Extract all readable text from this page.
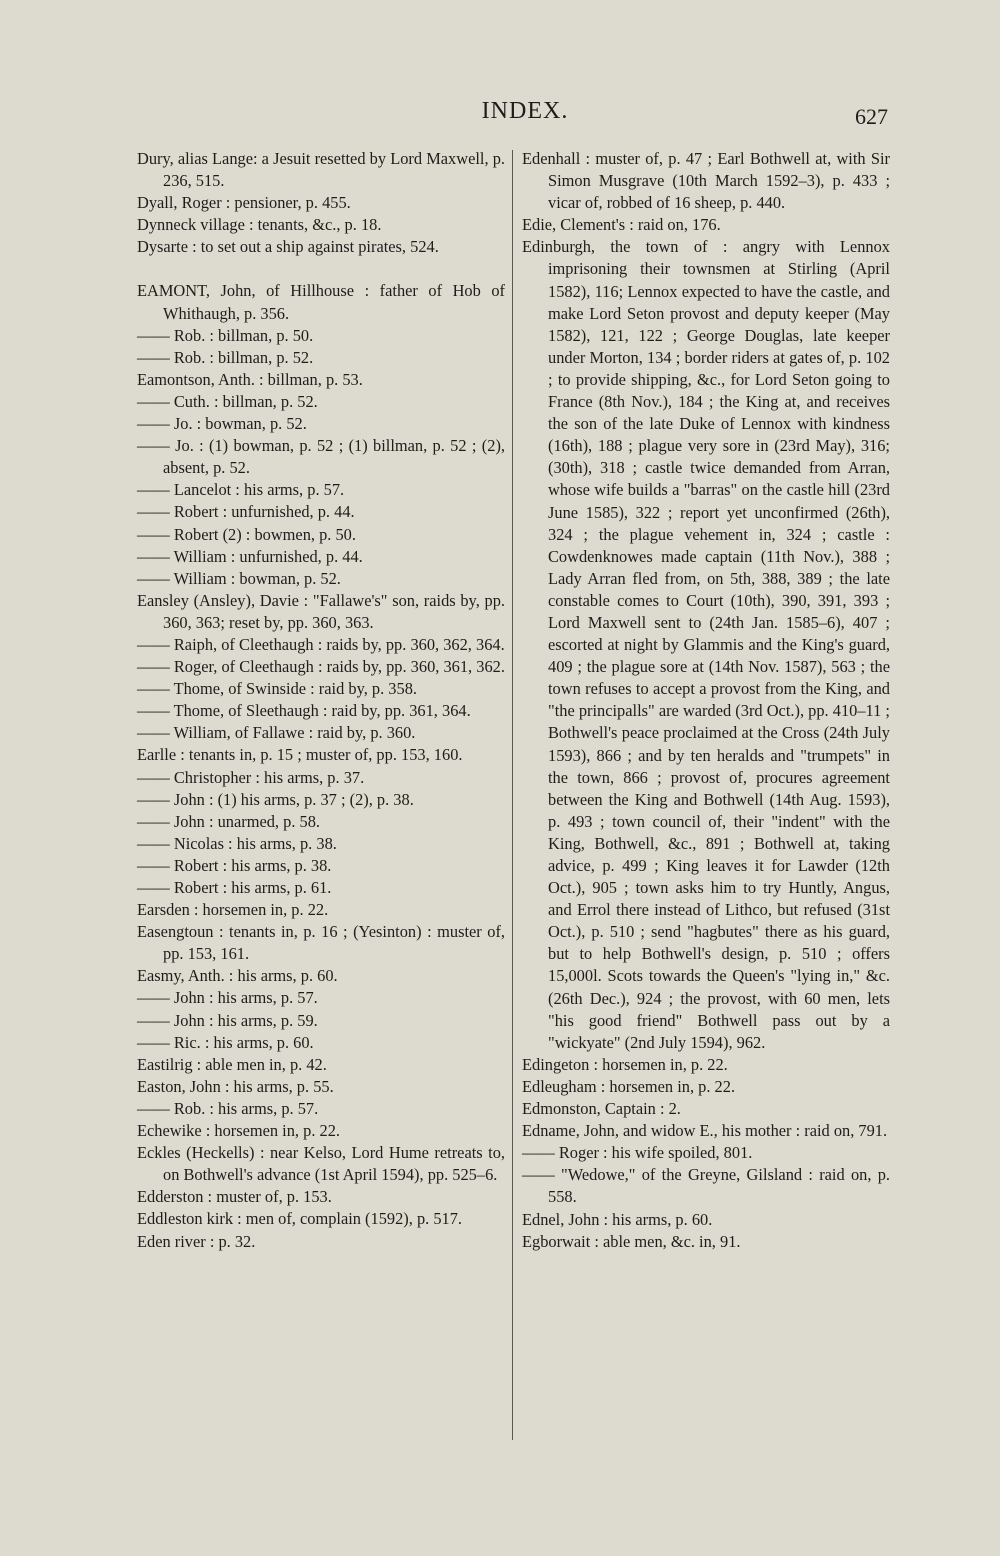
INDEX.	627
Dury, alias Lange: a Jesuit resetted by Lord Maxwell, p. 236, 515.
Dyall, Roger : pensioner, p. 455.
Dynneck village : tenants, &c., p. 18.
Dysarte : to set out a ship against pirates, 524.
EAMONT, John, of Hillhouse : father of Hob of Whithaugh, p. 356.
—— Rob. : billman, p. 50.
—— Rob. : billman, p. 52.
Eamontson, Anth. : billman, p. 53.
—— Cuth. : billman, p. 52.
—— Jo. : bowman, p. 52.
—— Jo. : (1) bowman, p. 52 ; (1) billman, p. 52 ; (2), absent, p. 52.
—— Lancelot : his arms, p. 57.
—— Robert : unfurnished, p. 44.
—— Robert (2) : bowmen, p. 50.
—— William : unfurnished, p. 44.
—— William : bowman, p. 52.
Eansley (Ansley), Davie : "Fallawe's" son, raids by, pp. 360, 363; reset by, pp. 360, 363.
—— Raiph, of Cleethaugh : raids by, pp. 360, 362, 364.
—— Roger, of Cleethaugh : raids by, pp. 360, 361, 362.
—— Thome, of Swinside : raid by, p. 358.
—— Thome, of Sleethaugh : raid by, pp. 361, 364.
—— William, of Fallawe : raid by, p. 360.
Earlle : tenants in, p. 15 ; muster of, pp. 153, 160.
—— Christopher : his arms, p. 37.
—— John : (1) his arms, p. 37 ; (2), p. 38.
—— John : unarmed, p. 58.
—— Nicolas : his arms, p. 38.
—— Robert : his arms, p. 38.
—— Robert : his arms, p. 61.
Earsden : horsemen in, p. 22.
Easengtoun : tenants in, p. 16 ; (Yesinton) : muster of, pp. 153, 161.
Easmy, Anth. : his arms, p. 60.
—— John : his arms, p. 57.
—— John : his arms, p. 59.
—— Ric. : his arms, p. 60.
Eastilrig : able men in, p. 42.
Easton, John : his arms, p. 55.
—— Rob. : his arms, p. 57.
Echewike : horsemen in, p. 22.
Eckles (Heckells) : near Kelso, Lord Hume retreats to, on Bothwell's advance (1st April 1594), pp. 525–6.
Edderston : muster of, p. 153.
Eddleston kirk : men of, complain (1592), p. 517.
Eden river : p. 32.
Edenhall : muster of, p. 47 ; Earl Bothwell at, with Sir Simon Musgrave (10th March 1592–3), p. 433 ; vicar of, robbed of 16 sheep, p. 440.
Edie, Clement's : raid on, 176.
Edinburgh, the town of : angry with Lennox imprisoning their townsmen at Stirling (April 1582), 116; Lennox expected to have the castle, and make Lord Seton provost and deputy keeper (May 1582), 121, 122 ; George Douglas, late keeper under Morton, 134 ; border riders at gates of, p. 102 ; to provide shipping, &c., for Lord Seton going to France (8th Nov.), 184 ; the King at, and receives the son of the late Duke of Lennox with kindness (16th), 188 ; plague very sore in (23rd May), 316; (30th), 318 ; castle twice demanded from Arran, whose wife builds a "barras" on the castle hill (23rd June 1585), 322 ; report yet unconfirmed (26th), 324 ; the plague vehement in, 324 ; castle : Cowdenknowes made captain (11th Nov.), 388 ; Lady Arran fled from, on 5th, 388, 389 ; the late constable comes to Court (10th), 390, 391, 393 ; Lord Maxwell sent to (24th Jan. 1585–6), 407 ; escorted at night by Glammis and the King's guard, 409 ; the plague sore at (14th Nov. 1587), 563 ; the town refuses to accept a provost from the King, and "the principalls" are warded (3rd Oct.), pp. 410–11 ; Bothwell's peace proclaimed at the Cross (24th July 1593), 866 ; and by ten heralds and "trumpets" in the town, 866 ; provost of, procures agreement between the King and Bothwell (14th Aug. 1593), p. 493 ; town council of, their "indent" with the King, Bothwell, &c., 891 ; Bothwell at, taking advice, p. 499 ; King leaves it for Lawder (12th Oct.), 905 ; town asks him to try Huntly, Angus, and Errol there instead of Lithco, but refused (31st Oct.), p. 510 ; send "hagbutes" there as his guard, but to help Bothwell's design, p. 510 ; offers 15,000l. Scots towards the Queen's "lying in," &c. (26th Dec.), 924 ; the provost, with 60 men, lets "his good friend" Bothwell pass out by a "wickyate" (2nd July 1594), 962.
Edingeton : horsemen in, p. 22.
Edleugham : horsemen in, p. 22.
Edmonston, Captain : 2.
Edname, John, and widow E., his mother : raid on, 791.
—— Roger : his wife spoiled, 801.
—— "Wedowe," of the Greyne, Gilsland : raid on, p. 558.
Ednel, John : his arms, p. 60.
Egborwait : able men, &c. in, 91.
